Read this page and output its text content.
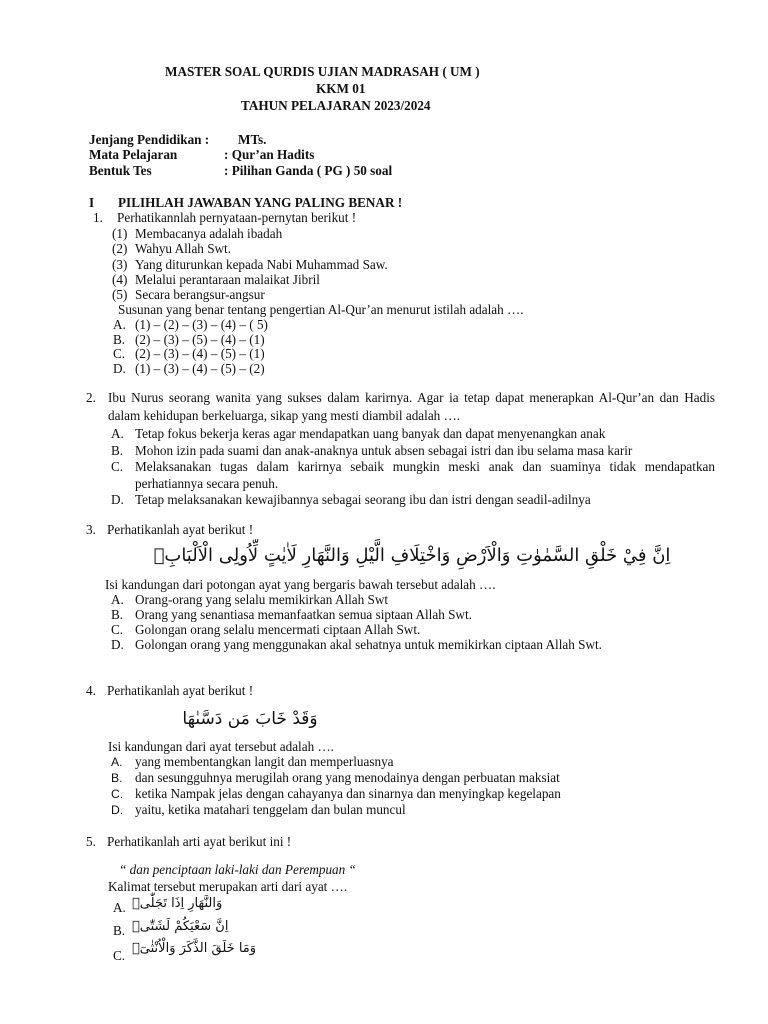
MASTER SOAL QURDIS UJIAN MADRASAH ( UM )
KKM 01
TAHUN PELAJARAN 2023/2024
Jenjang Pendidikan : MTs.
Mata Pelajaran	: Qur’an Hadits
Bentuk Tes	: Pilihan Ganda ( PG ) 50 soal
I PILIHLAH JAWABAN YANG PALING BENAR !
1. Perhatikannlah pernyataan-pernytan berikut !
(1) Membacanya adalah ibadah
(2) Wahyu Allah Swt.
(3) Yang diturunkan kepada Nabi Muhammad Saw.
(4) Melalui perantaraan malaikat Jibril
(5) Secara berangsur-angsur
Susunan yang benar tentang pengertian Al-Qur’an menurut istilah adalah ….
A. (1) – (2) – (3) – (4) – ( 5)
B. (2) – (3) – (5) – (4) – (1)
C. (2) – (3) – (4) – (5) – (1)
D. (1) – (3) – (4) – (5) – (2)
2. Ibu Nurus seorang wanita yang sukses dalam karirnya. Agar ia tetap dapat menerapkan Al-Qur’an dan Hadis dalam kehidupan berkeluarga, sikap yang mesti diambil adalah ….
A. Tetap fokus bekerja keras agar mendapatkan uang banyak dan dapat menyenangkan anak
B. Mohon izin pada suami dan anak-anaknya untuk absen sebagai istri dan ibu selama masa karir
C. Melaksanakan tugas dalam karirnya sebaik mungkin meski anak dan suaminya tidak mendapatkan perhatiannya secara penuh.
D. Tetap melaksanakan kewajibannya sebagai seorang ibu dan istri dengan seadil-adilnya
3. Perhatikanlah ayat berikut !
اِنَّ فِيْ خَلْقِ السَّمٰوٰتِ وَالْاَرْضِ وَاخْتِلَافِ الَّيْلِ وَالنَّهَارِ لَاٰيٰتٍ لِّاُولِى الْاَلْبَابِۙ
Isi kandungan dari potongan ayat yang bergaris bawah tersebut adalah ….
A. Orang-orang yang selalu memikirkan Allah Swt
B. Orang yang senantiasa memanfaatkan semua siptaan Allah Swt.
C. Golongan orang selalu mencermati ciptaan Allah Swt.
D. Golongan orang yang menggunakan akal sehatnya untuk memikirkan ciptaan Allah Swt.
4. Perhatikanlah ayat berikut !
وَقَدْ خَابَ مَن دَسَّىٰهَا
Isi kandungan dari ayat tersebut adalah ….
A. yang membentangkan langit dan memperluasnya
B. dan sesungguhnya merugilah orang yang menodainya dengan perbuatan maksiat
C. ketika Nampak jelas dengan cahayanya dan sinarnya dan menyingkap kegelapan
D. yaitu, ketika matahari tenggelam dan bulan muncul
5. Perhatikanlah arti ayat berikut ini !
“ dan penciptaan laki-laki dan Perempuan “
Kalimat tersebut merupakan arti dari ayat ….
A. وَالنَّهَارِ اِذَا تَجَلّٰىۙ
B. اِنَّ سَعْيَكُمْ لَشَتّٰىۗ
C. وَمَا خَلَقَ الذَّكَرَ وَالْاُنْثٰىٓۙ
